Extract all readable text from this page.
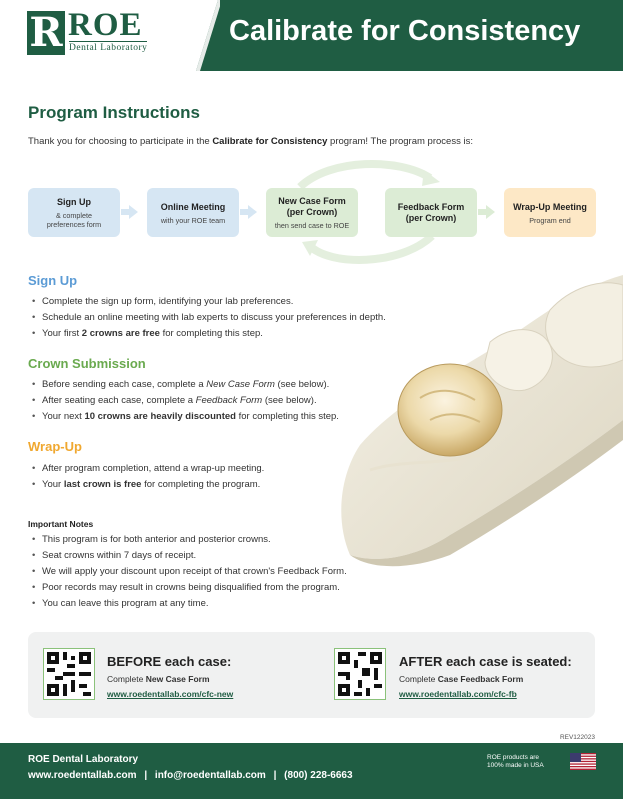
R ROE
Dental Laboratory
Calibrate for Consistency
Program Instructions
Thank you for choosing to participate in the Calibrate for Consistency program! The program process is:
Sign Up
& complete preferences form
Online Meeting
with your ROE team
New Case Form (per Crown)
then send case to ROE
Feedback Form (per Crown)
Wrap-Up Meeting
Program end
Sign Up
• Complete the sign up form, identifying your lab preferences.
• Schedule an online meeting with lab experts to discuss your preferences in depth.
• Your first 2 crowns are free for completing this step.
Crown Submission
• Before sending each case, complete a New Case Form (see below).
• After seating each case, complete a Feedback Form (see below).
• Your next 10 crowns are heavily discounted for completing this step.
Wrap-Up
• After program completion, attend a wrap-up meeting.
• Your last crown is free for completing the program.
Important Notes
• This program is for both anterior and posterior crowns.
• Seat crowns within 7 days of receipt.
• We will apply your discount upon receipt of that crown's Feedback Form.
• Poor records may result in crowns being disqualified from the program.
• You can leave this program at any time.
BEFORE each case:
Complete New Case Form
www.roedentallab.com/cfc-new
AFTER each case is seated:
Complete Case Feedback Form
www.roedentallab.com/cfc-fb
REV122023
ROE Dental Laboratory
www.roedentallab.com | info@roedentallab.com | (800) 228-6663
ROE products are 100% made in USA
